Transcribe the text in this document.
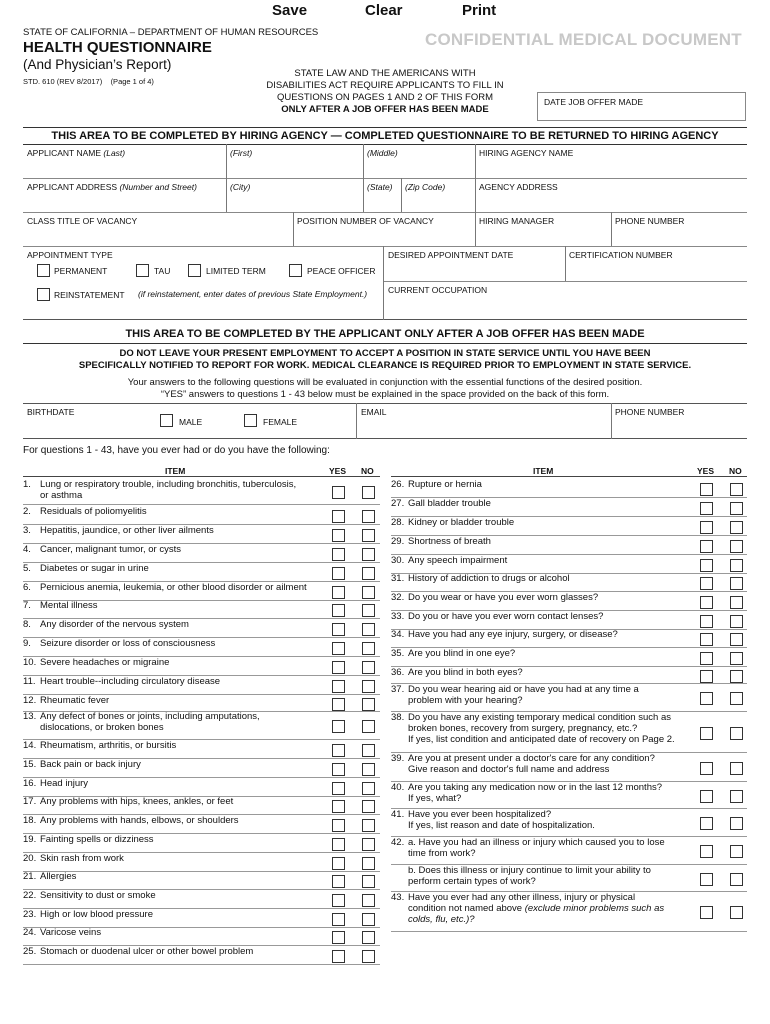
Save	Clear	Print
STATE OF CALIFORNIA – DEPARTMENT OF HUMAN RESOURCES	CONFIDENTIAL MEDICAL DOCUMENT
HEALTH QUESTIONNAIRE
(And Physician’s Report)
STD. 610 (REV 8/2017) (Page 1 of 4)
STATE LAW AND THE AMERICANS WITH
DISABILITIES ACT REQUIRE APPLICANTS TO FILL IN
QUESTIONS ON PAGES 1 AND 2 OF THIS FORM
ONLY AFTER A JOB OFFER HAS BEEN MADE
DATE JOB OFFER MADE
THIS AREA TO BE COMPLETED BY HIRING AGENCY — COMPLETED QUESTIONNAIRE TO BE RETURNED TO HIRING AGENCY
APPLICANT NAME (Last)	(First)	(Middle)	HIRING AGENCY NAME
APPLICANT ADDRESS (Number and Street)	(City)	(State) (Zip Code)	AGENCY ADDRESS
CLASS TITLE OF VACANCY	POSITION NUMBER OF VACANCY	HIRING MANAGER	PHONE NUMBER
APPOINTMENT TYPE
PERMANENT	TAU	LIMITED TERM	PEACE OFFICER
REINSTATEMENT (if reinstatement, enter dates of previous State Employment.)
DESIRED APPOINTMENT DATE	CERTIFICATION NUMBER
CURRENT OCCUPATION
THIS AREA TO BE COMPLETED BY THE APPLICANT ONLY AFTER A JOB OFFER HAS BEEN MADE
DO NOT LEAVE YOUR PRESENT EMPLOYMENT TO ACCEPT A POSITION IN STATE SERVICE UNTIL YOU HAVE BEEN
SPECIFICALLY NOTIFIED TO REPORT FOR WORK. MEDICAL CLEARANCE IS REQUIRED PRIOR TO EMPLOYMENT IN STATE SERVICE.
Your answers to the following questions will be evaluated in conjunction with the essential functions of the desired position.
“YES” answers to questions 1 - 43 below must be explained in the space provided on the back of this form.
BIRTHDATE
MALE	FEMALE
EMAIL	PHONE NUMBER
For questions 1 - 43, have you ever had or do you have the following:
ITEM	YES NO	ITEM	YES NO
1. Lung or respiratory trouble, including bronchitis, tuberculosis,
or asthma
2. Residuals of poliomyelitis
3. Hepatitis, jaundice, or other liver ailments
4. Cancer, malignant tumor, or cysts
5. Diabetes or sugar in urine
6. Pernicious anemia, leukemia, or other blood disorder or ailment
7. Mental illness
8. Any disorder of the nervous system
9. Seizure disorder or loss of consciousness
10. Severe headaches or migraine
11. Heart trouble--including circulatory disease
12. Rheumatic fever
13. Any defect of bones or joints, including amputations,
dislocations, or broken bones
14. Rheumatism, arthritis, or bursitis
15. Back pain or back injury
16. Head injury
17. Any problems with hips, knees, ankles, or feet
18. Any problems with hands, elbows, or shoulders
19. Fainting spells or dizziness
20. Skin rash from work
21. Allergies
22. Sensitivity to dust or smoke
23. High or low blood pressure
24. Varicose veins
25. Stomach or duodenal ulcer or other bowel problem
26. Rupture or hernia
27. Gall bladder trouble
28. Kidney or bladder trouble
29. Shortness of breath
30. Any speech impairment
31. History of addiction to drugs or alcohol
32. Do you wear or have you ever worn glasses?
33. Do you or have you ever worn contact lenses?
34. Have you had any eye injury, surgery, or disease?
35. Are you blind in one eye?
36. Are you blind in both eyes?
37. Do you wear hearing aid or have you had at any time a
problem with your hearing?
38. Do you have any existing temporary medical condition such as
broken bones, recovery from surgery, pregnancy, etc.?
If yes, list condition and anticipated date of recovery on Page 2.
39. Are you at present under a doctor's care for any condition?
Give reason and doctor's full name and address
40. Are you taking any medication now or in the last 12 months?
If yes, what?
41. Have you ever been hospitalized?
If yes, list reason and date of hospitalization.
42. a. Have you had an illness or injury which caused you to lose
time from work?
b. Does this illness or injury continue to limit your ability to
perform certain types of work?
43. Have you ever had any other illness, injury or physical
condition not named above (exclude minor problems such as
colds, flu, etc.)?
